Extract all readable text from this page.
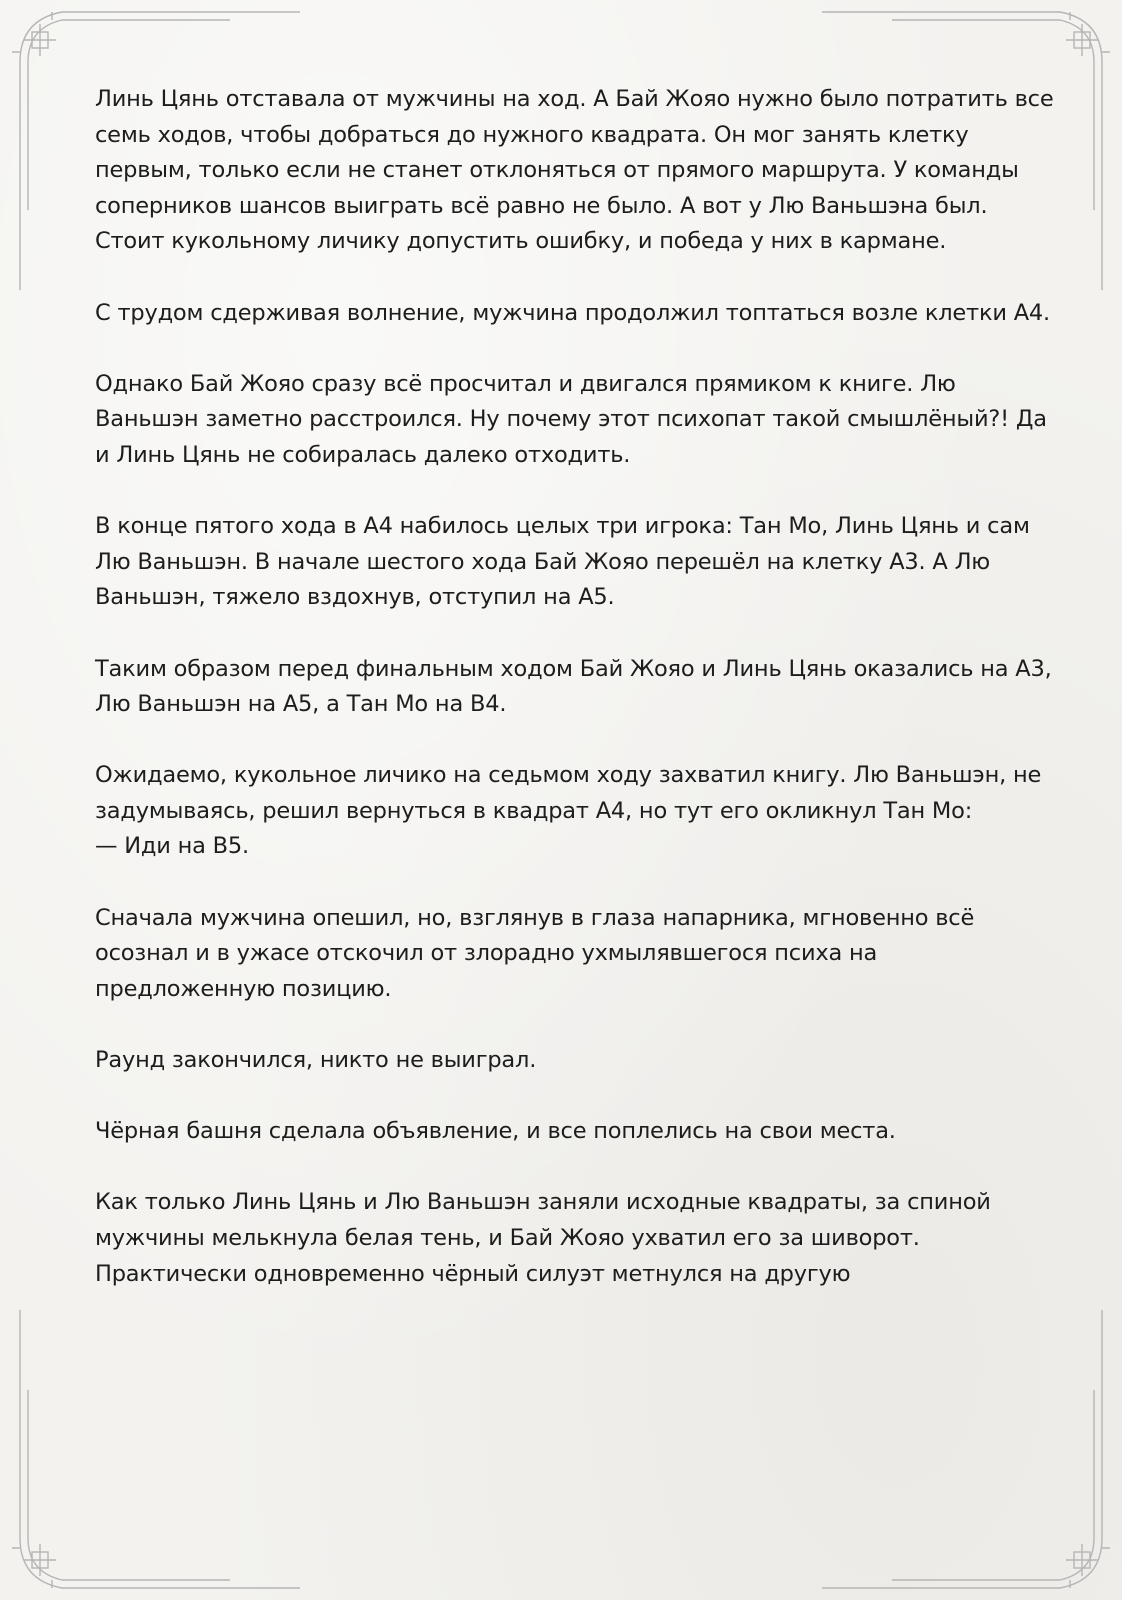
Линь Цянь отставала от мужчины на ход. А Бай Жояо нужно было потратить все семь ходов, чтобы добраться до нужного квадрата. Он мог занять клетку первым, только если не станет отклоняться от прямого маршрута. У команды соперников шансов выиграть всё равно не было. А вот у Лю Ваньшэна был. Стоит кукольному личику допустить ошибку, и победа у них в кармане.

С трудом сдерживая волнение, мужчина продолжил топтаться возле клетки А4.

Однако Бай Жояо сразу всё просчитал и двигался прямиком к книге. Лю Ваньшэн заметно расстроился. Ну почему этот психопат такой смышлёный?! Да и Линь Цянь не собиралась далеко отходить.

В конце пятого хода в А4 набилось целых три игрока: Тан Мо, Линь Цянь и сам Лю Ваньшэн. В начале шестого хода Бай Жояо перешёл на клетку А3. А Лю Ваньшэн, тяжело вздохнув, отступил на А5.

Таким образом перед финальным ходом Бай Жояо и Линь Цянь оказались на А3, Лю Ваньшэн на А5, а Тан Мо на В4.

Ожидаемо, кукольное личико на седьмом ходу захватил книгу. Лю Ваньшэн, не задумываясь, решил вернуться в квадрат А4, но тут его окликнул Тан Мо:
— Иди на В5.

Сначала мужчина опешил, но, взглянув в глаза напарника, мгновенно всё осознал и в ужасе отскочил от злорадно ухмылявшегося психа на предложенную позицию.

Раунд закончился, никто не выиграл.

Чёрная башня сделала объявление, и все поплелись на свои места.

Как только Линь Цянь и Лю Ваньшэн заняли исходные квадраты, за спиной мужчины мелькнула белая тень, и Бай Жояо ухватил его за шиворот. Практически одновременно чёрный силуэт метнулся на другую
